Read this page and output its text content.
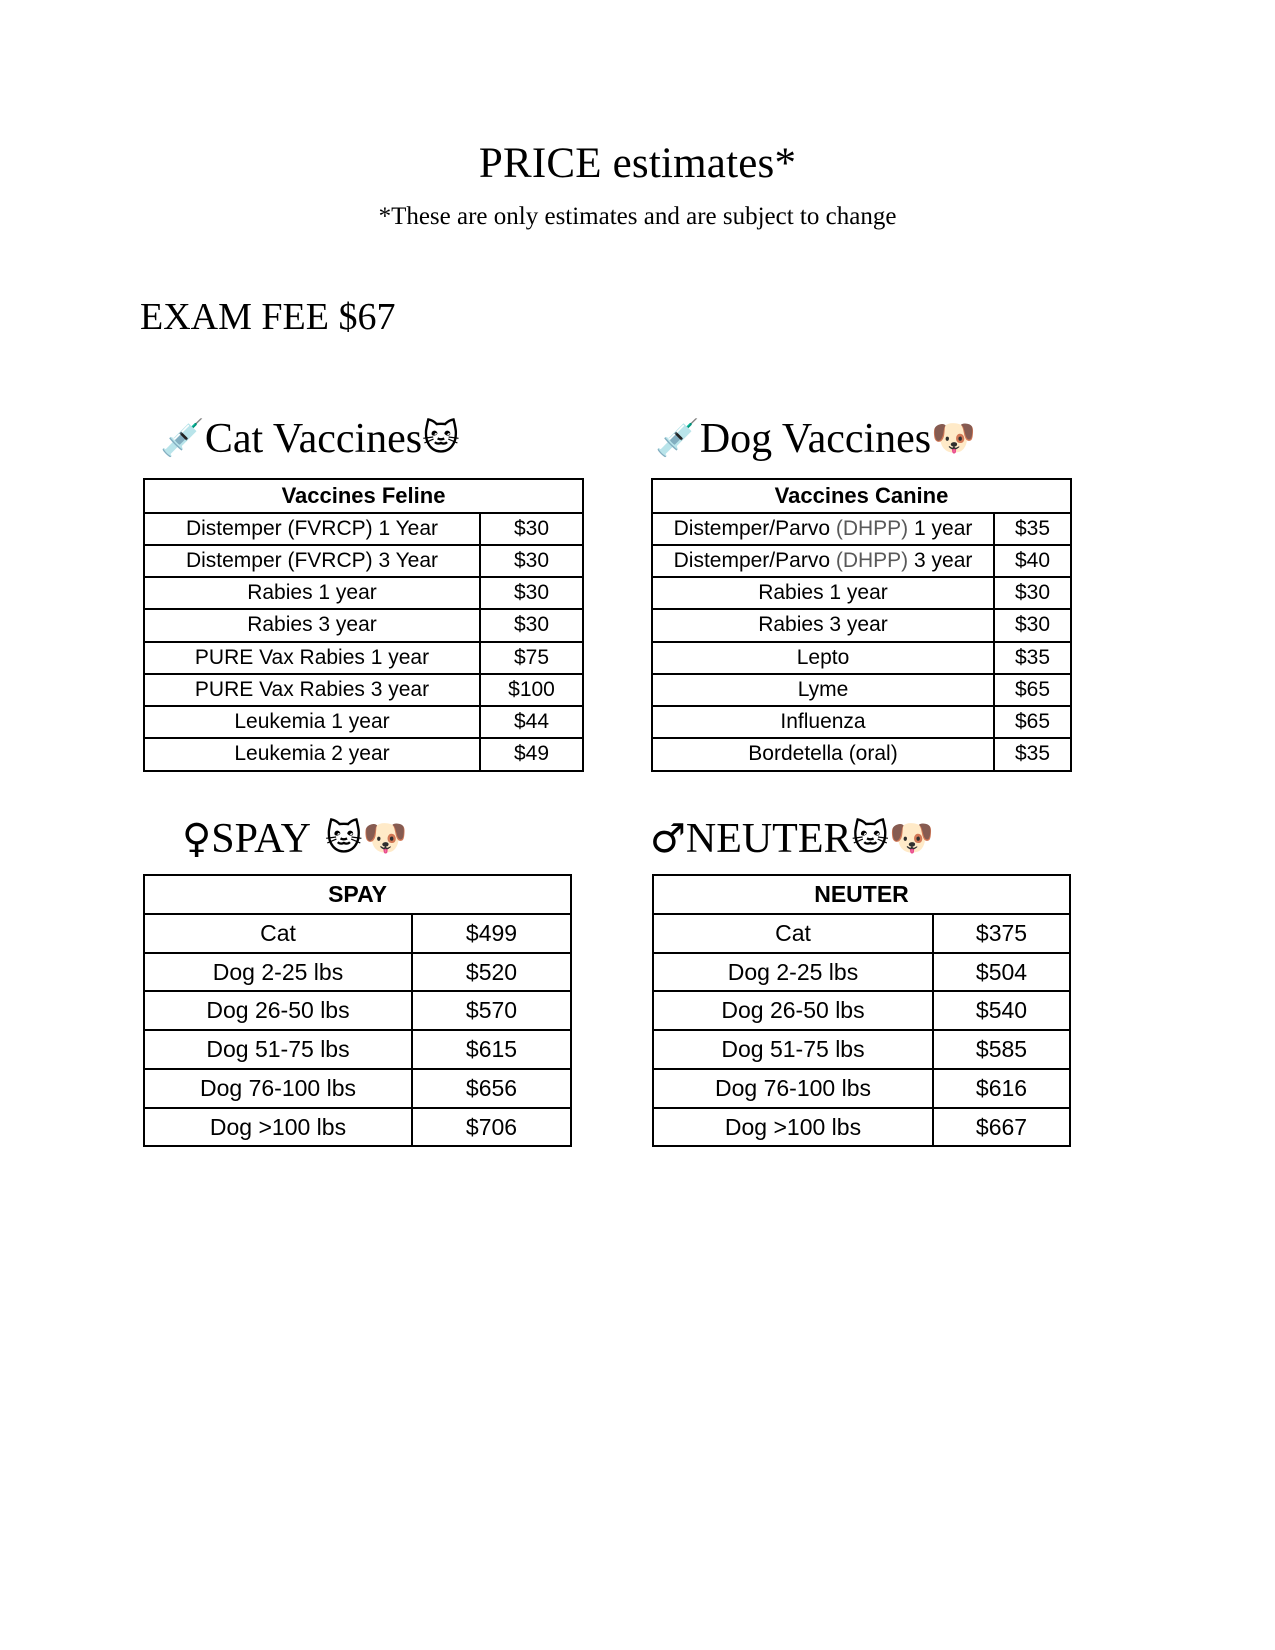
PRICE estimates*
*These are only estimates and are subject to change
EXAM FEE $67
💉 Cat Vaccines 🐱
Vaccines Feline	
Distemper (FVRCP) 1 Year	$30
Distemper (FVRCP) 3 Year	$30
Rabies 1 year	$30
Rabies 3 year	$30
PURE Vax Rabies 1 year	$75
PURE Vax Rabies 3 year	$100
Leukemia 1 year	$44
Leukemia 2 year	$49
💉 Dog Vaccines 🐶
Vaccines Canine	
Distemper/Parvo (DHPP) 1 year	$35
Distemper/Parvo (DHPP) 3 year	$40
Rabies 1 year	$30
Rabies 3 year	$30
Lepto	$35
Lyme	$65
Influenza	$65
Bordetella (oral)	$35
♀ SPAY 🐱 🐶
SPAY	
Cat	$499
Dog 2-25 lbs	$520
Dog 26-50 lbs	$570
Dog 51-75 lbs	$615
Dog 76-100 lbs	$656
Dog >100 lbs	$706
♂ NEUTER 🐱 🐶
NEUTER	
Cat	$375
Dog 2-25 lbs	$504
Dog 26-50 lbs	$540
Dog 51-75 lbs	$585
Dog 76-100 lbs	$616
Dog >100 lbs	$667
